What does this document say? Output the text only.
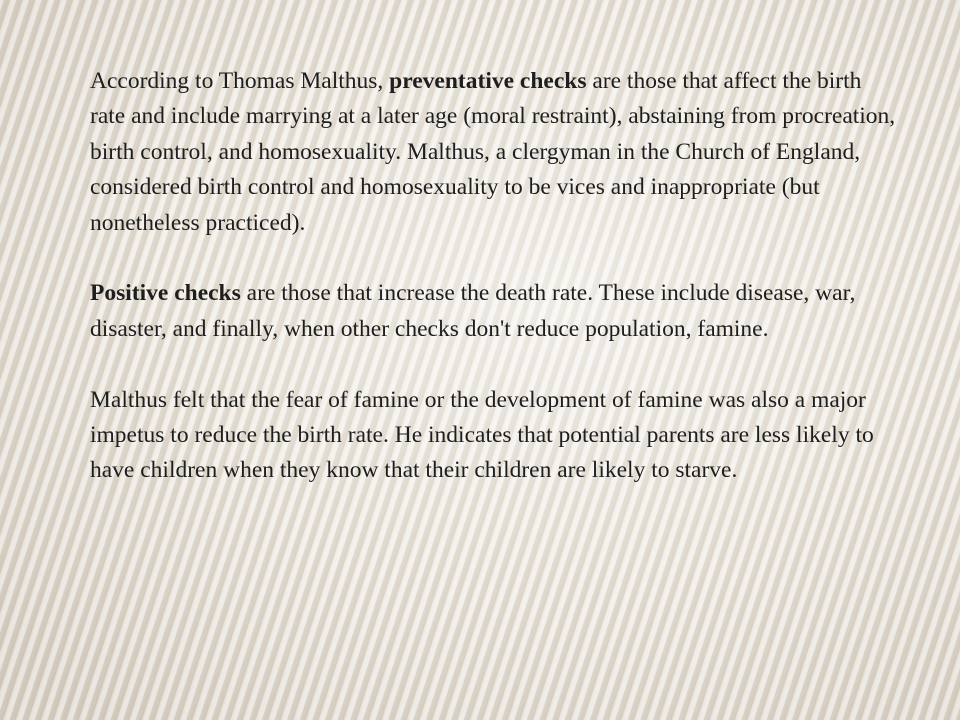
According to Thomas Malthus, preventative checks are those that affect the birth rate and include marrying at a later age (moral restraint), abstaining from procreation, birth control, and homosexuality. Malthus, a clergyman in the Church of England, considered birth control and homosexuality to be vices and inappropriate (but nonetheless practiced).

Positive checks are those that increase the death rate. These include disease, war, disaster, and finally, when other checks don't reduce population, famine.

Malthus felt that the fear of famine or the development of famine was also a major impetus to reduce the birth rate. He indicates that potential parents are less likely to have children when they know that their children are likely to starve.
